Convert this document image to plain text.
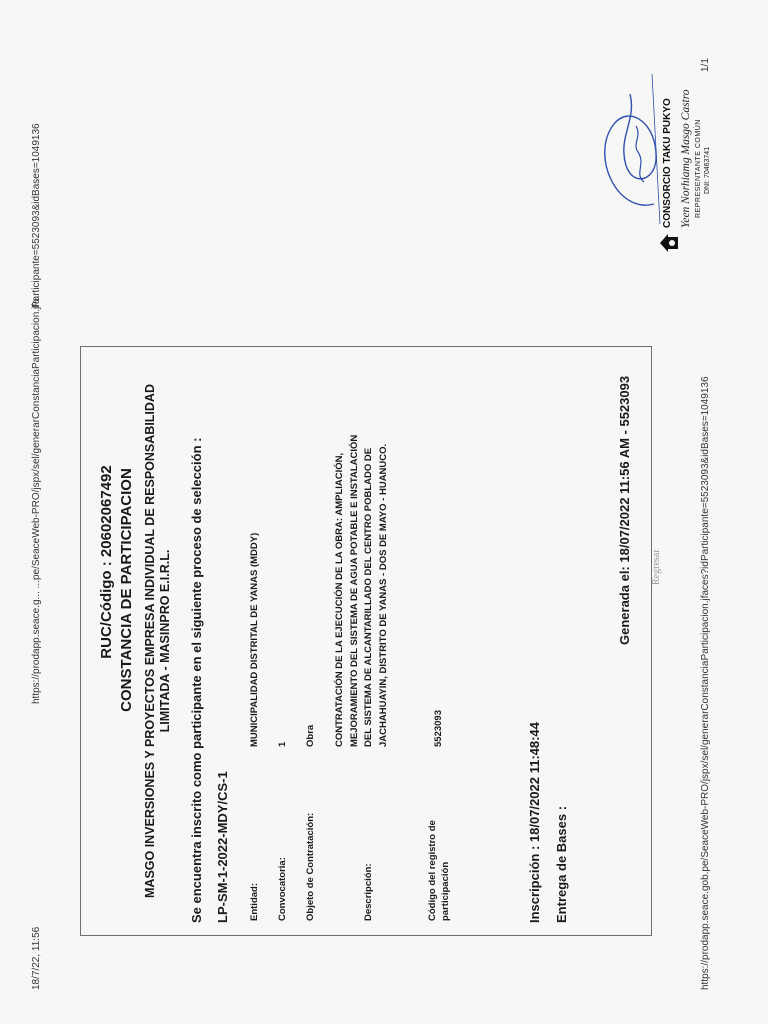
18/7/22, 11:56
https://prodapp.seace.g... ...pe/SeaceWeb-PRO/jspx/sel/generarConstanciaParticipacion.jfa
Participante=5523093&idBases=1049136
RUC/Código : 20602067492 CONSTANCIA DE PARTICIPACION MASGO INVERSIONES Y PROYECTOS EMPRESA INDIVIDUAL DE RESPONSABILIDAD LIMITADA - MASINPRO E.I.R.L. Se encuentra inscrito como participante en el siguiente proceso de selección : LP-SM-1-2022-MDY/CS-1 Entidad:
MUNICIPALIDAD DISTRITAL DE YANAS (MDDY)
Convocatoria:
1
Objeto de Contratación:
Obra
Descripción:
CONTRATACIÓN DE LA EJECUCIÓN DE LA OBRA: AMPLIACIÓN, MEJORAMIENTO DEL SISTEMA DE AGUA POTABLE E INSTALACIÓN DEL SISTEMA DE ALCANTARILLADO DEL CENTRO POBLADO DE JACHAHUAYIN, DISTRITO DE YANAS - DOS DE MAYO - HUANUCO.
Código del registro de participación
5523093	Inscripción : 18/07/2022 11:48:44 Entrega de Bases :
Generada el: 18/07/2022 11:56 AM - 5523093 Regresar
CONSORCIO TAKU PUKYO Yeen Norhiamg Masgo Castro REPRESENTANTE COMÚN DNI: 70463741
https://prodapp.seace.gob.pe/SeaceWeb-PRO/jspx/sel/generarConstanciaParticipacion.jfaces?idParticipante=5523093&idBases=1049136
1/1
